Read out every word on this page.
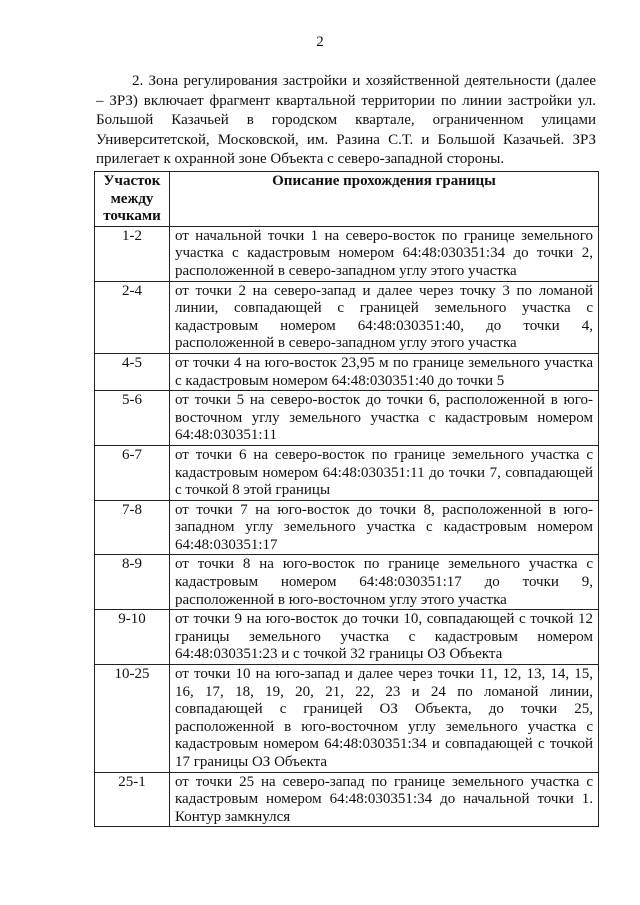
2

2. Зона регулирования застройки и хозяйственной деятельности (далее – ЗРЗ) включает фрагмент квартальной территории по линии застройки ул. Большой Казачьей в городском квартале, ограниченном улицами Университетской, Московской, им. Разина С.Т. и Большой Казачьей. ЗРЗ прилегает к охранной зоне Объекта с северо-западной стороны.

Участок между точками	Описание прохождения границы
1-2	от начальной точки 1 на северо-восток по границе земельного участка с кадастровым номером 64:48:030351:34 до точки 2, расположенной в северо-западном углу этого участка
2-4	от точки 2 на северо-запад и далее через точку 3 по ломаной линии, совпадающей с границей земельного участка с кадастровым номером 64:48:030351:40, до точки 4, расположенной в северо-западном углу этого участка
4-5	от точки 4 на юго-восток 23,95 м по границе земельного участка с кадастровым номером 64:48:030351:40 до точки 5
5-6	от точки 5 на северо-восток до точки 6, расположенной в юго-восточном углу земельного участка с кадастровым номером 64:48:030351:11
6-7	от точки 6 на северо-восток по границе земельного участка с кадастровым номером 64:48:030351:11 до точки 7, совпадающей с точкой 8 этой границы
7-8	от точки 7 на юго-восток до точки 8, расположенной в юго-западном углу земельного участка с кадастровым номером 64:48:030351:17
8-9	от точки 8 на юго-восток по границе земельного участка с кадастровым номером 64:48:030351:17 до точки 9, расположенной в юго-восточном углу этого участка
9-10	от точки 9 на юго-восток до точки 10, совпадающей с точкой 12 границы земельного участка с кадастровым номером 64:48:030351:23 и с точкой 32 границы ОЗ Объекта
10-25	от точки 10 на юго-запад и далее через точки 11, 12, 13, 14, 15, 16, 17, 18, 19, 20, 21, 22, 23 и 24 по ломаной линии, совпадающей с границей ОЗ Объекта, до точки 25, расположенной в юго-восточном углу земельного участка с кадастровым номером 64:48:030351:34 и совпадающей с точкой 17 границы ОЗ Объекта
25-1	от точки 25 на северо-запад по границе земельного участка с кадастровым номером 64:48:030351:34 до начальной точки 1. Контур замкнулся
